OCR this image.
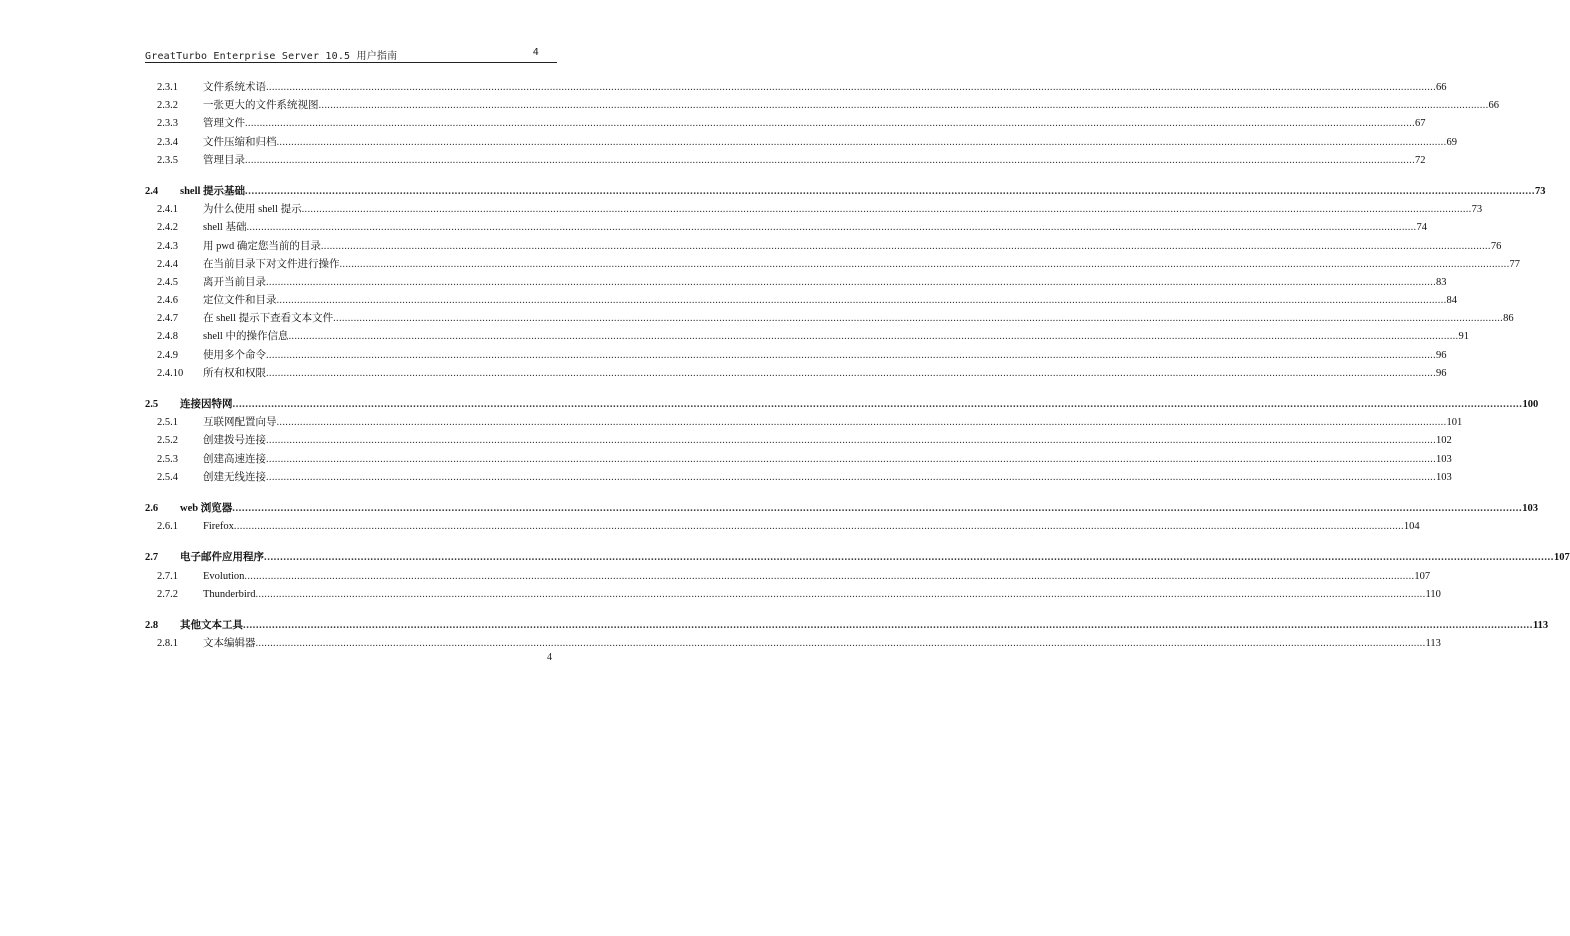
GreatTurbo Enterprise Server 10.5 用户指南	4
2.3.1 文件系统术语 ................................................................................................................................................................................................................................................................................................................................................................................................................ 66
2.3.2 一张更大的文件系统视图 ................................................................................................................................................................................................................................................................................................................................................................................................................ 66
2.3.3 管理文件 ................................................................................................................................................................................................................................................................................................................................................................................................................ 67
2.3.4 文件压缩和归档 ................................................................................................................................................................................................................................................................................................................................................................................................................ 69
2.3.5 管理目录 ................................................................................................................................................................................................................................................................................................................................................................................................................ 72
2.4 shell 提示基础 ................................................................................................................................................................................................................................................................................................................................................................................................................ 73
2.4.1 为什么使用 shell 提示 ................................................................................................................................................................................................................................................................................................................................................................................................................ 73
2.4.2 shell 基础 ................................................................................................................................................................................................................................................................................................................................................................................................................ 74
2.4.3 用 pwd 确定您当前的目录 ................................................................................................................................................................................................................................................................................................................................................................................................................ 76
2.4.4 在当前目录下对文件进行操作 ................................................................................................................................................................................................................................................................................................................................................................................................................ 77
2.4.5 离开当前目录 ................................................................................................................................................................................................................................................................................................................................................................................................................ 83
2.4.6 定位文件和目录 ................................................................................................................................................................................................................................................................................................................................................................................................................ 84
2.4.7 在 shell 提示下查看文本文件 ................................................................................................................................................................................................................................................................................................................................................................................................................ 86
2.4.8 shell 中的操作信息 ................................................................................................................................................................................................................................................................................................................................................................................................................ 91
2.4.9 使用多个命令 ................................................................................................................................................................................................................................................................................................................................................................................................................ 96
2.4.10 所有权和权限 ................................................................................................................................................................................................................................................................................................................................................................................................................ 96
2.5 连接因特网 ................................................................................................................................................................................................................................................................................................................................................................................................................ 100
2.5.1 互联网配置向导 ................................................................................................................................................................................................................................................................................................................................................................................................................ 101
2.5.2 创建拨号连接 ................................................................................................................................................................................................................................................................................................................................................................................................................ 102
2.5.3 创建高速连接 ................................................................................................................................................................................................................................................................................................................................................................................................................ 103
2.5.4 创建无线连接 ................................................................................................................................................................................................................................................................................................................................................................................................................ 103
2.6 web 浏览器 ................................................................................................................................................................................................................................................................................................................................................................................................................ 103
2.6.1 Firefox ................................................................................................................................................................................................................................................................................................................................................................................................................ 104
2.7 电子邮件应用程序 ................................................................................................................................................................................................................................................................................................................................................................................................................ 107
2.7.1 Evolution ................................................................................................................................................................................................................................................................................................................................................................................................................ 107
2.7.2 Thunderbird ................................................................................................................................................................................................................................................................................................................................................................................................................ 110
2.8 其他文本工具 ................................................................................................................................................................................................................................................................................................................................................................................................................ 113
2.8.1 文本编辑器 ................................................................................................................................................................................................................................................................................................................................................................................................................ 113
4
